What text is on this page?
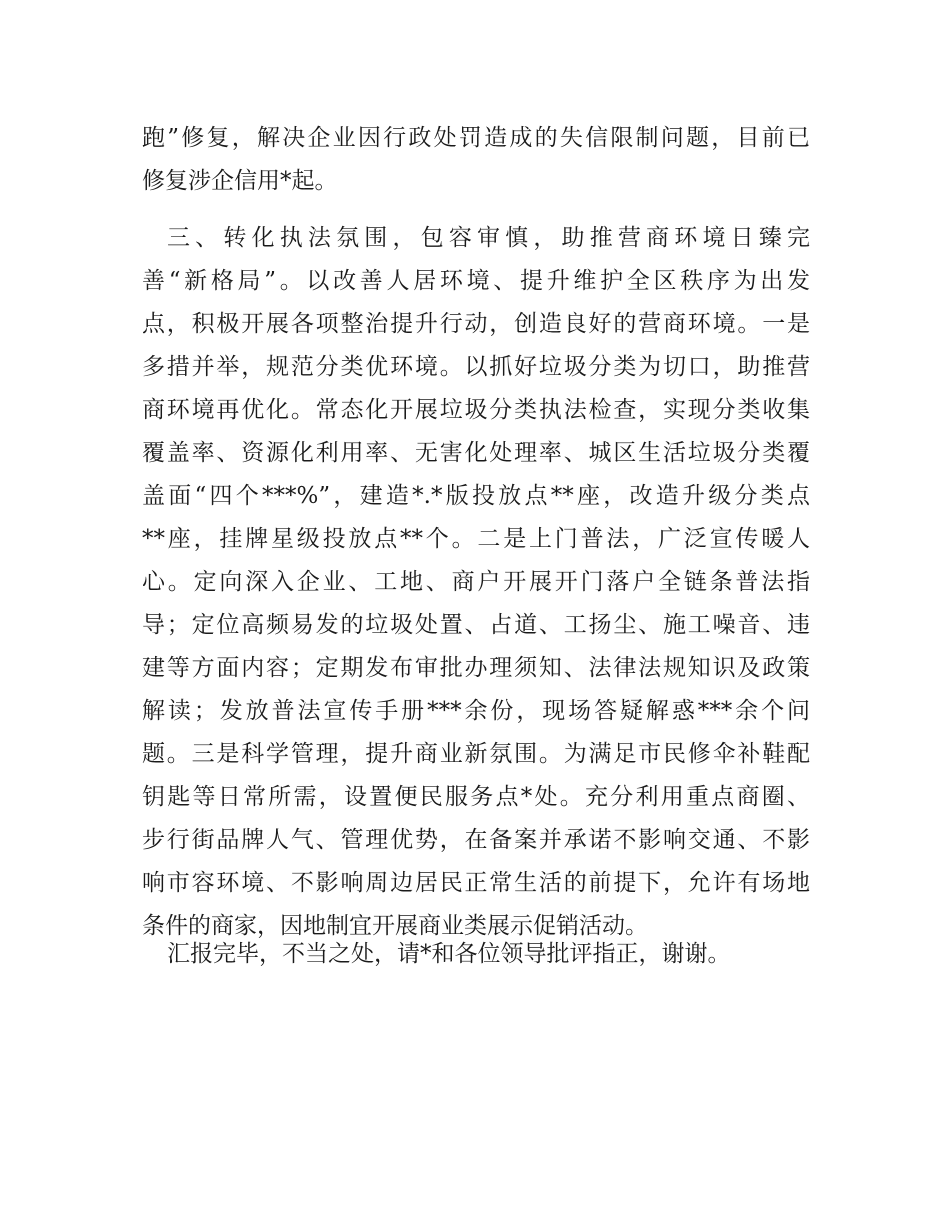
跑”修复，解决企业因行政处罚造成的失信限制问题，目前已
修复涉企信用*起。
三、转化执法氛围，包容审慎，助推营商环境日臻完
善“新格局”。以改善人居环境、提升维护全区秩序为出发
点，积极开展各项整治提升行动，创造良好的营商环境。一是
多措并举，规范分类优环境。以抓好垃圾分类为切口，助推营
商环境再优化。常态化开展垃圾分类执法检查，实现分类收集
覆盖率、资源化利用率、无害化处理率、城区生活垃圾分类覆
盖面“四个***%”，建造*.*版投放点**座，改造升级分类点
**座，挂牌星级投放点**个。二是上门普法，广泛宣传暖人
心。定向深入企业、工地、商户开展开门落户全链条普法指
导；定位高频易发的垃圾处置、占道、工扬尘、施工噪音、违
建等方面内容；定期发布审批办理须知、法律法规知识及政策
解读；发放普法宣传手册***余份，现场答疑解惑***余个问
题。三是科学管理，提升商业新氛围。为满足市民修伞补鞋配
钥匙等日常所需，设置便民服务点*处。充分利用重点商圈、
步行街品牌人气、管理优势，在备案并承诺不影响交通、不影
响市容环境、不影响周边居民正常生活的前提下，允许有场地
条件的商家，因地制宜开展商业类展示促销活动。
汇报完毕，不当之处，请*和各位领导批评指正，谢谢。
